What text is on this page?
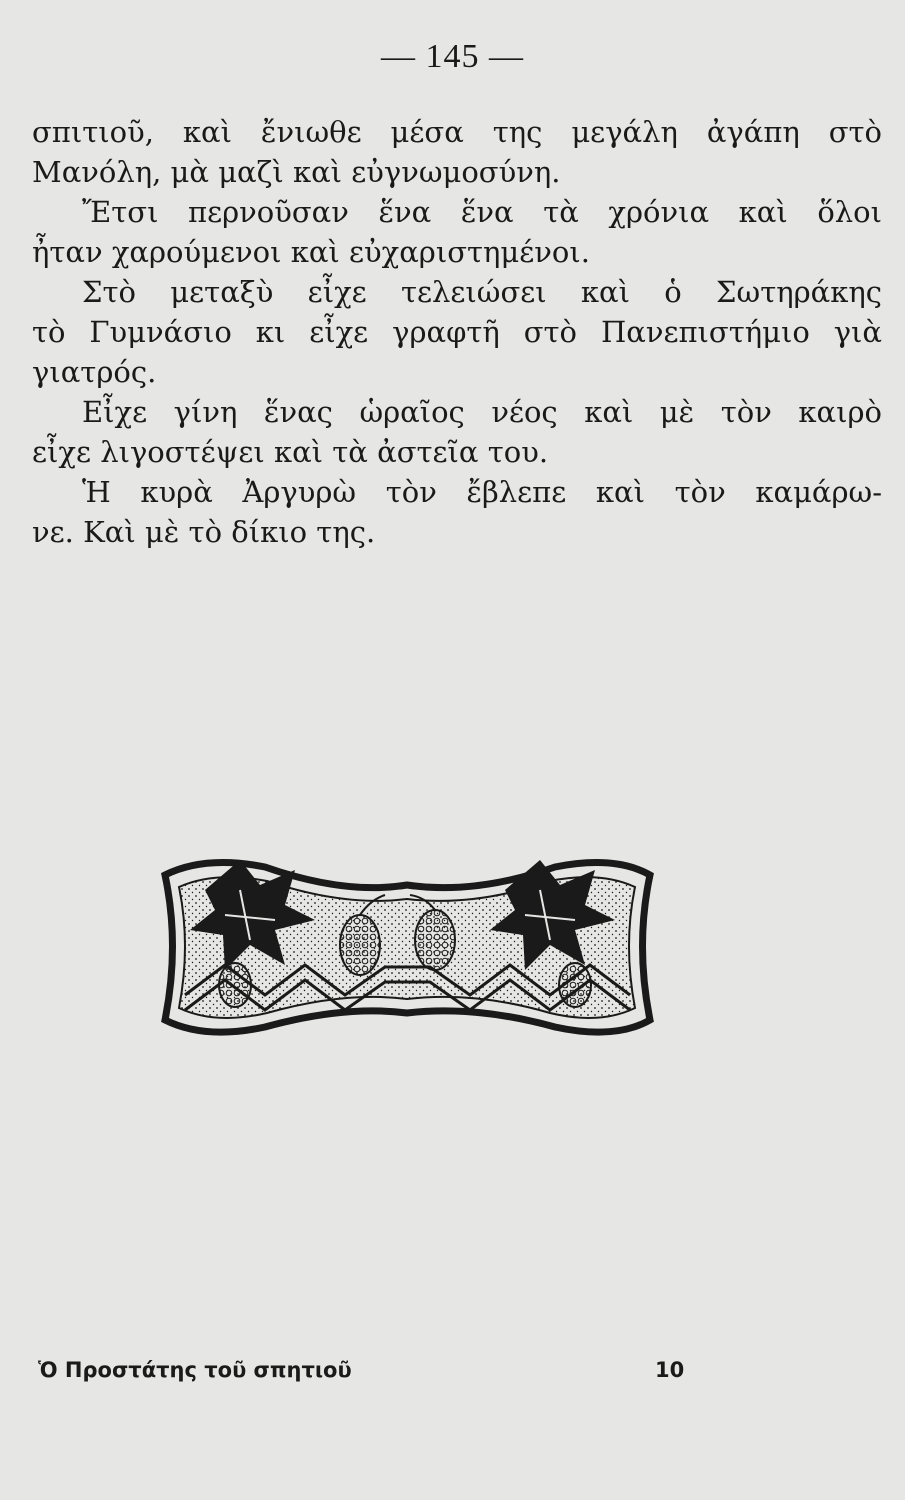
— 145 —
σπιτιοῦ, καὶ ἔνιωθε μέσα της μεγάλη ἀγάπη στὸ
Μανόλη, μὰ μαζὶ καὶ εὐγνωμοσύνη.
Ἔτσι περνοῦσαν ἕνα ἕνα τὰ χρόνια καὶ ὅλοι
ἦταν χαρούμενοι καὶ εὐχαριστημένοι.
Στὸ μεταξὺ εἶχε τελειώσει καὶ ὁ Σωτηράκης
τὸ Γυμνάσιο κι εἶχε γραφτῆ στὸ Πανεπιστήμιο γιὰ
γιατρός.
Εἶχε γίνη ἕνας ὡραῖος νέος καὶ μὲ τὸν καιρὸ
εἶχε λιγοστέψει καὶ τὰ ἀστεῖα του.
Ἡ κυρὰ Ἀργυρὼ τὸν ἔβλεπε καὶ τὸν καμάρω-
νε. Καὶ μὲ τὸ δίκιο της.
Ὁ Προστάτης τοῦ σπητιοῦ	10
